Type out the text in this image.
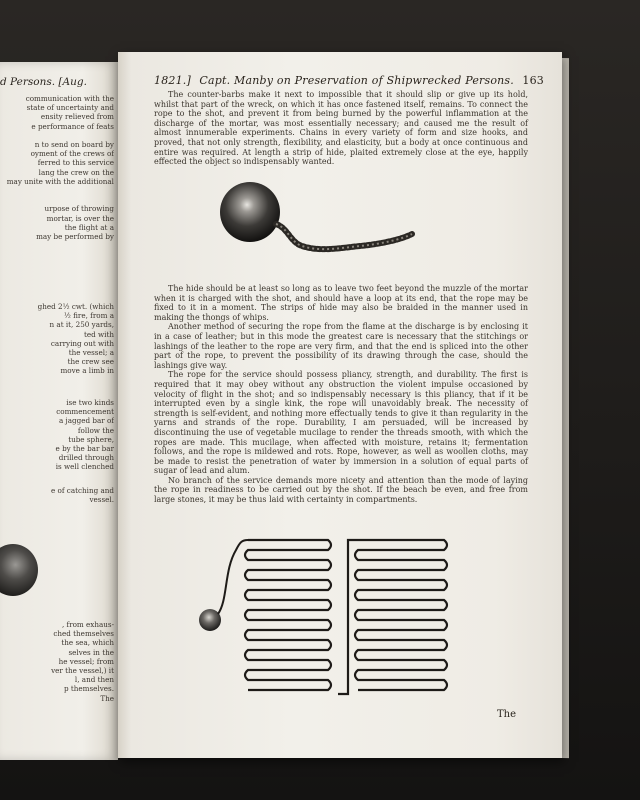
d Persons. [Aug.
communication with the
state of uncertainty and
ensity relieved from
e performance of feats

n to send on board by
oyment of the crews of
ferred to this service
lang the crew on the
may unite with the additional

urpose of throwing
mortar, is over the
the flight at a
may be performed by
ghed 2½ cwt. (which
½ fire, from a
n at it, 250 yards,
ted with
carrying out with
the vessel; a
the crew see
move a limb in
ise two kinds
commencement
a jagged bar of
follow the
tube sphere,
e by the bar bar
drilled through
is well clenched
e of catching and
vessel.
, from exhaus-
ched themselves
the sea, which
selves in the
he vessel; from
ver the vessel,) it
l, and then
p themselves.
The
1821.] Capt. Manby on Preservation of Shipwrecked Persons. 163

The counter-barbs make it next to impossible that it should slip or give up its hold, whilst that part of the wreck, on which it has once fastened itself, remains. To connect the rope to the shot, and prevent it from being burned by the powerful inflammation at the discharge of the mortar, was most essentially necessary; and caused me the result of almost innumerable experiments. Chains in every variety of form and size hooks, and proved, that not only strength, flexibility, and elasticity, but a body at once continuous and entire was required. At length a strip of hide, plaited extremely close at the eye, happily effected the object so indispensably wanted.

The hide should be at least so long as to leave two feet beyond the muzzle of the mortar when it is charged with the shot, and should have a loop at its end, that the rope may be fixed to it in a moment. The strips of hide may also be braided in the manner used in making the thongs of whips.

Another method of securing the rope from the flame at the discharge is by enclosing it in a case of leather; but in this mode the greatest care is necessary that the stitchings or lashings of the leather to the rope are very firm, and that the end is spliced into the other part of the rope, to prevent the possibility of its drawing through the case, should the lashings give way.

The rope for the service should possess pliancy, strength, and durability. The first is required that it may obey without any obstruction the violent impulse occasioned by velocity of flight in the shot; and so indispensably necessary is this pliancy, that if it be interrupted even by a single kink, the rope will unavoidably break. The necessity of strength is self-evident, and nothing more effectually tends to give it than regularity in the yarns and strands of the rope. Durability, I am persuaded, will be increased by discontinuing the use of vegetable mucilage to render the threads smooth, with which the ropes are made. This mucilage, when affected with moisture, retains it; fermentation follows, and the rope is mildewed and rots. Rope, however, as well as woollen cloths, may be made to resist the penetration of water by immersion in a solution of equal parts of sugar of lead and alum.

No branch of the service demands more nicety and attention than the mode of laying the rope in readiness to be carried out by the shot. If the beach be even, and free from large stones, it may be thus laid with certainty in compartments.

The
